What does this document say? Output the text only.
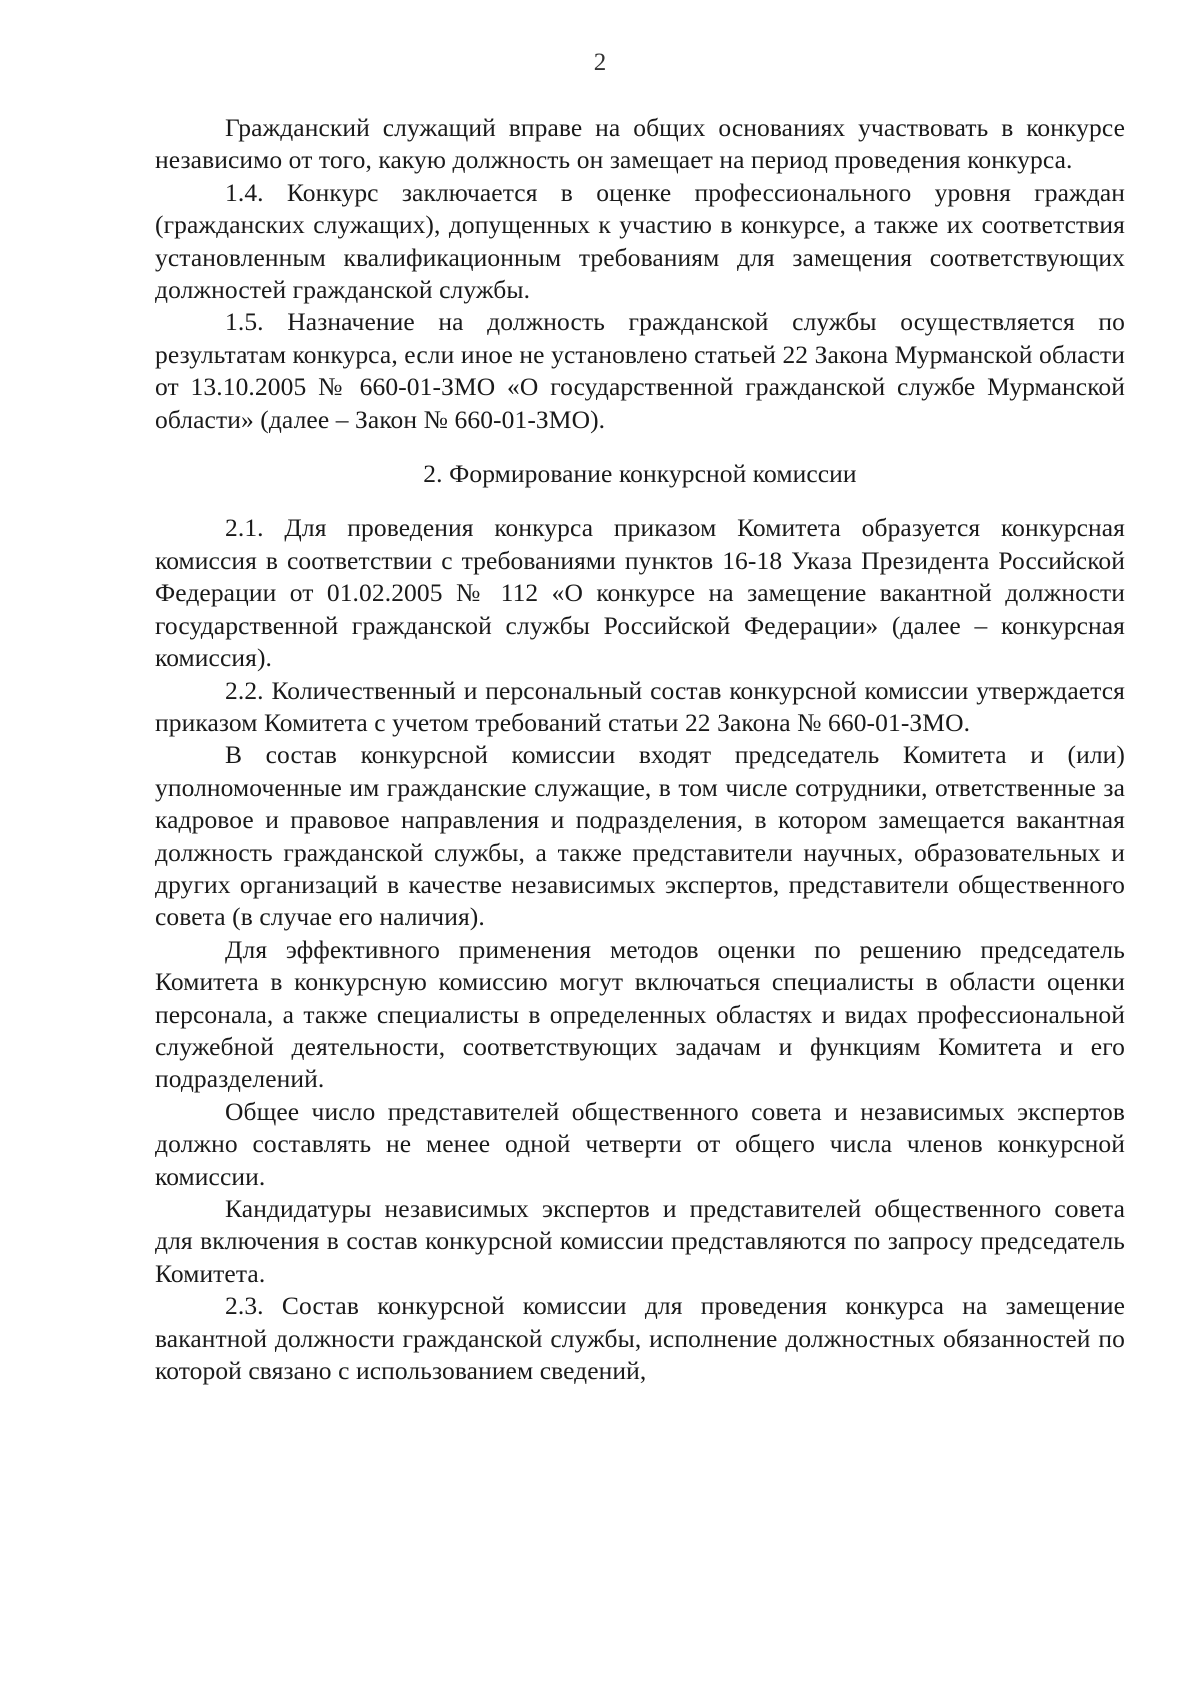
2

Гражданский служащий вправе на общих основаниях участвовать в конкурсе независимо от того, какую должность он замещает на период проведения конкурса.

1.4. Конкурс заключается в оценке профессионального уровня граждан (гражданских служащих), допущенных к участию в конкурсе, а также их соответствия установленным квалификационным требованиям для замещения соответствующих должностей гражданской службы.

1.5. Назначение на должность гражданской службы осуществляется по результатам конкурса, если иное не установлено статьей 22 Закона Мурманской области от 13.10.2005 № 660-01-ЗМО «О государственной гражданской службе Мурманской области» (далее – Закон № 660-01-ЗМО).

2. Формирование конкурсной комиссии

2.1. Для проведения конкурса приказом Комитета образуется конкурсная комиссия в соответствии с требованиями пунктов 16-18 Указа Президента Российской Федерации от 01.02.2005 № 112 «О конкурсе на замещение вакантной должности государственной гражданской службы Российской Федерации» (далее – конкурсная комиссия).

2.2. Количественный и персональный состав конкурсной комиссии утверждается приказом Комитета с учетом требований статьи 22 Закона № 660-01-ЗМО.

В состав конкурсной комиссии входят председатель Комитета и (или) уполномоченные им гражданские служащие, в том числе сотрудники, ответственные за кадровое и правовое направления и подразделения, в котором замещается вакантная должность гражданской службы, а также представители научных, образовательных и других организаций в качестве независимых экспертов, представители общественного совета (в случае его наличия).

Для эффективного применения методов оценки по решению председатель Комитета в конкурсную комиссию могут включаться специалисты в области оценки персонала, а также специалисты в определенных областях и видах профессиональной служебной деятельности, соответствующих задачам и функциям Комитета и его подразделений.

Общее число представителей общественного совета и независимых экспертов должно составлять не менее одной четверти от общего числа членов конкурсной комиссии.

Кандидатуры независимых экспертов и представителей общественного совета для включения в состав конкурсной комиссии представляются по запросу председатель Комитета.

2.3. Состав конкурсной комиссии для проведения конкурса на замещение вакантной должности гражданской службы, исполнение должностных обязанностей по которой связано с использованием сведений,
